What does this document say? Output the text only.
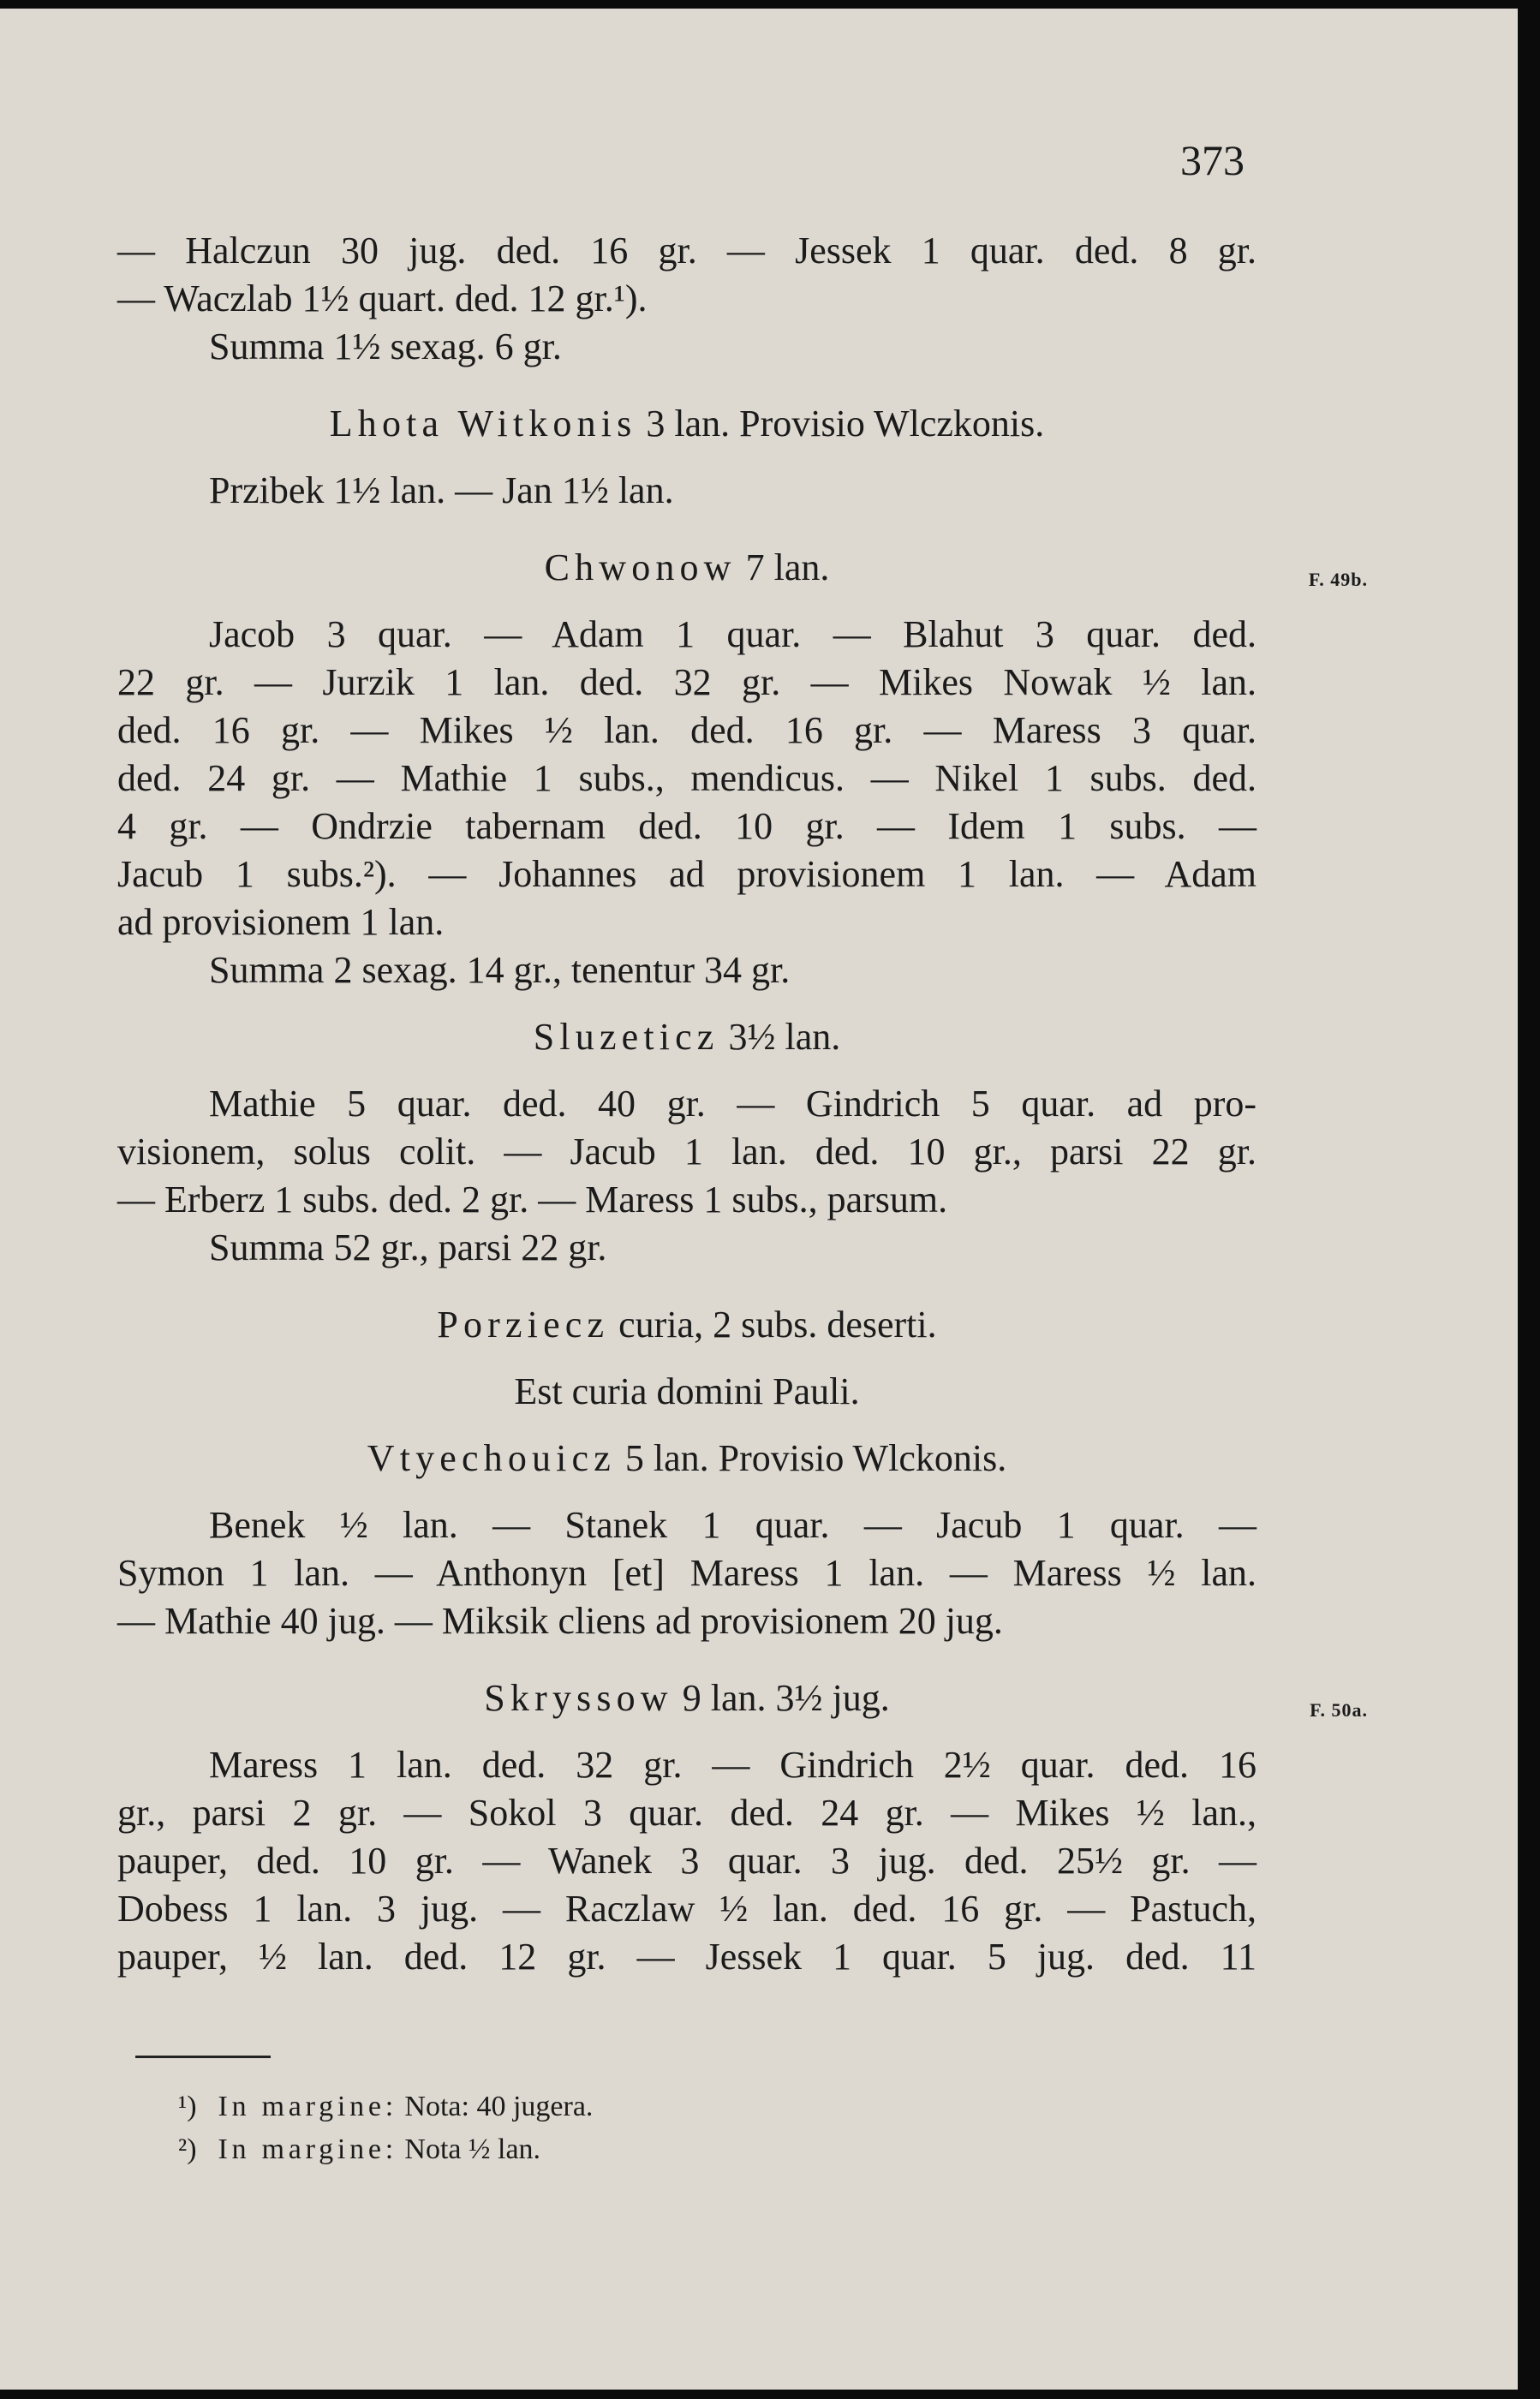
373
— Halczun 30 jug. ded. 16 gr. — Jessek 1 quar. ded. 8 gr.
— Waczlab 1½ quart. ded. 12 gr.¹).
Summa 1½ sexag. 6 gr.

Lhota Witkonis 3 lan. Provisio Wlczkonis.

Przibek 1½ lan. — Jan 1½ lan.

Chwonow 7 lan.	F. 49b.

Jacob 3 quar. — Adam 1 quar. — Blahut 3 quar. ded.
22 gr. — Jurzik 1 lan. ded. 32 gr. — Mikes Nowak ½ lan.
ded. 16 gr. — Mikes ½ lan. ded. 16 gr. — Maress 3 quar.
ded. 24 gr. — Mathie 1 subs., mendicus. — Nikel 1 subs. ded.
4 gr. — Ondrzie tabernam ded. 10 gr. — Idem 1 subs. —
Jacub 1 subs.²). — Johannes ad provisionem 1 lan. — Adam
ad provisionem 1 lan.
Summa 2 sexag. 14 gr., tenentur 34 gr.

Sluzeticz 3½ lan.

Mathie 5 quar. ded. 40 gr. — Gindrich 5 quar. ad pro-
visionem, solus colit. — Jacub 1 lan. ded. 10 gr., parsi 22 gr.
— Erberz 1 subs. ded. 2 gr. — Maress 1 subs., parsum.
Summa 52 gr., parsi 22 gr.

Porziecz curia, 2 subs. deserti.

Est curia domini Pauli.

Vtyechouicz 5 lan. Provisio Wlckonis.

Benek ½ lan. — Stanek 1 quar. — Jacub 1 quar. —
Symon 1 lan. — Anthonyn [et] Maress 1 lan. — Maress ½ lan.
— Mathie 40 jug. — Miksik cliens ad provisionem 20 jug.

Skryssow 9 lan. 3½ jug.	F. 50a.

Maress 1 lan. ded. 32 gr. — Gindrich 2½ quar. ded. 16
gr., parsi 2 gr. — Sokol 3 quar. ded. 24 gr. — Mikes ½ lan.,
pauper, ded. 10 gr. — Wanek 3 quar. 3 jug. ded. 25½ gr. —
Dobess 1 lan. 3 jug. — Raczlaw ½ lan. ded. 16 gr. — Pastuch,
pauper, ½ lan. ded. 12 gr. — Jessek 1 quar. 5 jug. ded. 11
¹) In margine: Nota: 40 jugera.
²) In margine: Nota ½ lan.
